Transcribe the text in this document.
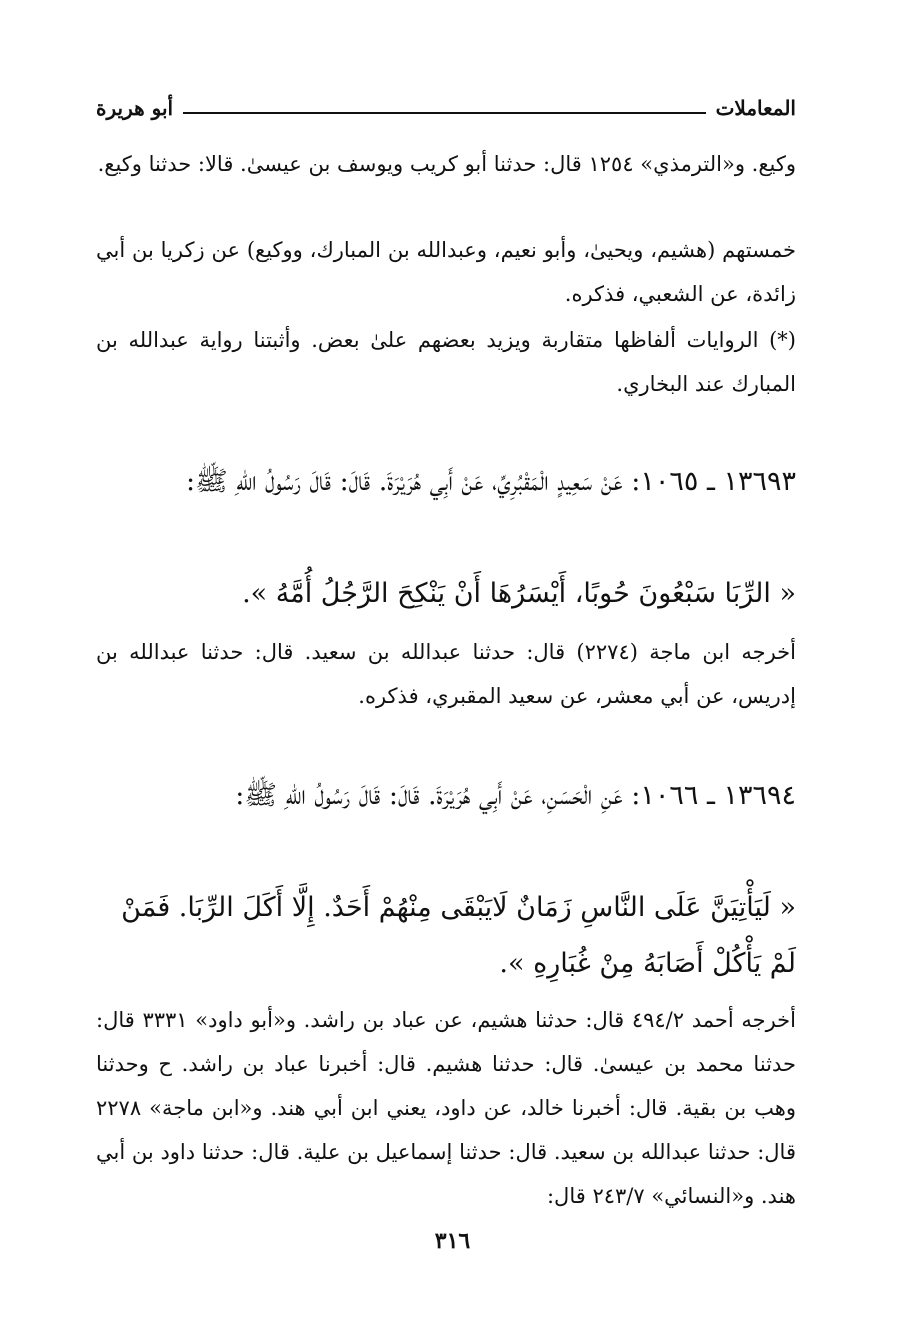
المعاملات
أبو هريرة
وكيع. و«الترمذي» ١٢٥٤ قال: حدثنا أبو كريب ويوسف بن عيسىٰ. قالا: حدثنا وكيع.
خمستهم (هشيم، ويحيىٰ، وأبو نعيم، وعبدالله بن المبارك، ووكيع) عن زكريا بن أبي زائدة، عن الشعبي، فذكره.
(*) الروايات ألفاظها متقاربة ويزيد بعضهم علىٰ بعض. وأثبتنا رواية عبدالله بن المبارك عند البخاري.
١٣٦٩٣ ـ ١٠٦٥: عَنْ سَعِيدٍ الْمَقْبُرِيِّ، عَنْ أَبِي هُرَيْرَةَ. قَالَ: قَالَ رَسُولُ اللهِ ﷺ:
« الرِّبَا سَبْعُونَ حُوبًا، أَيْسَرُهَا أَنْ يَنْكِحَ الرَّجُلُ أُمَّهُ ».
أخرجه ابن ماجة (٢٢٧٤) قال: حدثنا عبدالله بن سعيد. قال: حدثنا عبدالله بن إدريس، عن أبي معشر، عن سعيد المقبري، فذكره.
١٣٦٩٤ ـ ١٠٦٦: عَنِ الْحَسَنِ، عَنْ أَبِي هُرَيْرَةَ. قَالَ: قَالَ رَسُولُ اللهِ ﷺ:
« لَيَأْتِيَنَّ عَلَى النَّاسِ زَمَانٌ لَايَبْقَى مِنْهُمْ أَحَدٌ. إِلَّا أَكَلَ الرِّبَا. فَمَنْ لَمْ يَأْكُلْ أَصَابَهُ مِنْ غُبَارِهِ ».
أخرجه أحمد ٤٩٤/٢ قال: حدثنا هشيم، عن عباد بن راشد. و«أبو داود» ٣٣٣١ قال: حدثنا محمد بن عيسىٰ. قال: حدثنا هشيم. قال: أخبرنا عباد بن راشد. ح وحدثنا وهب بن بقية. قال: أخبرنا خالد، عن داود، يعني ابن أبي هند. و«ابن ماجة» ٢٢٧٨ قال: حدثنا عبدالله بن سعيد. قال: حدثنا إسماعيل بن علية. قال: حدثنا داود بن أبي هند. و«النسائي» ٢٤٣/٧ قال:
٣١٦
